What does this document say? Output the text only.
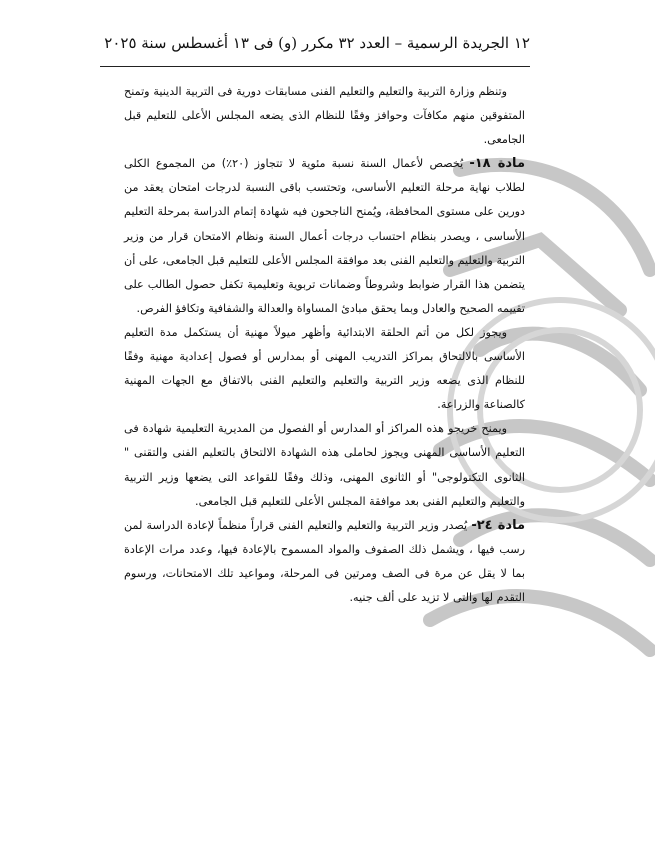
١٢ الجريدة الرسمية – العدد ٣٢ مكرر (و) فى ١٣ أغسطس سنة ٢٠٢٥

وتنظم وزارة التربية والتعليم والتعليم الفنى مسابقات دورية فى التربية الدينية وتمنح المتفوقين منهم مكافآت وحوافز وفقًا للنظام الذى يضعه المجلس الأعلى للتعليم قبل الجامعى.

مادة ١٨- يُخصص لأعمال السنة نسبة مئوية لا تتجاوز (٢٠٪) من المجموع الكلى لطلاب نهاية مرحلة التعليم الأساسى، وتحتسب باقى النسبة لدرجات امتحان يعقد من دورين على مستوى المحافظة، ويُمنح الناجحون فيه شهادة إتمام الدراسة بمرحلة التعليم الأساسى ، ويصدر بنظام احتساب درجات أعمال السنة ونظام الامتحان قرار من وزير التربية والتعليم والتعليم الفنى بعد موافقة المجلس الأعلى للتعليم قبل الجامعى، على أن يتضمن هذا القرار ضوابط وشروطاً وضمانات تربوية وتعليمية تكفل حصول الطالب على تقييمه الصحيح والعادل وبما يحقق مبادئ المساواة والعدالة والشفافية وتكافؤ الفرص.

ويجوز لكل من أتم الحلقة الابتدائية وأظهر ميولاً مهنية أن يستكمل مدة التعليم الأساسى بالالتحاق بمراكز التدريب المهنى أو بمدارس أو فصول إعدادية مهنية وفقًا للنظام الذى يضعه وزير التربية والتعليم والتعليم الفنى بالاتفاق مع الجهات المهنية كالصناعة والزراعة.

ويمنح خريجو هذه المراكز أو المدارس أو الفصول من المديرية التعليمية شهادة فى التعليم الأساسى المهنى ويجوز لحاملى هذه الشهادة الالتحاق بالتعليم الفنى والتقنى " الثانوى التكنولوجى" أو الثانوى المهنى، وذلك وفقًا للقواعد التى يضعها وزير التربية والتعليم والتعليم الفنى بعد موافقة المجلس الأعلى للتعليم قبل الجامعى.

مادة ٢٤- يُصدر وزير التربية والتعليم والتعليم الفنى قراراً منظماً لإعادة الدراسة لمن رسب فيها ، ويشمل ذلك الصفوف والمواد المسموح بالإعادة فيها، وعدد مرات الإعادة بما لا يقل عن مرة فى الصف ومرتين فى المرحلة، ومواعيد تلك الامتحانات، ورسوم التقدم لها والتى لا تزيد على ألف جنيه.
